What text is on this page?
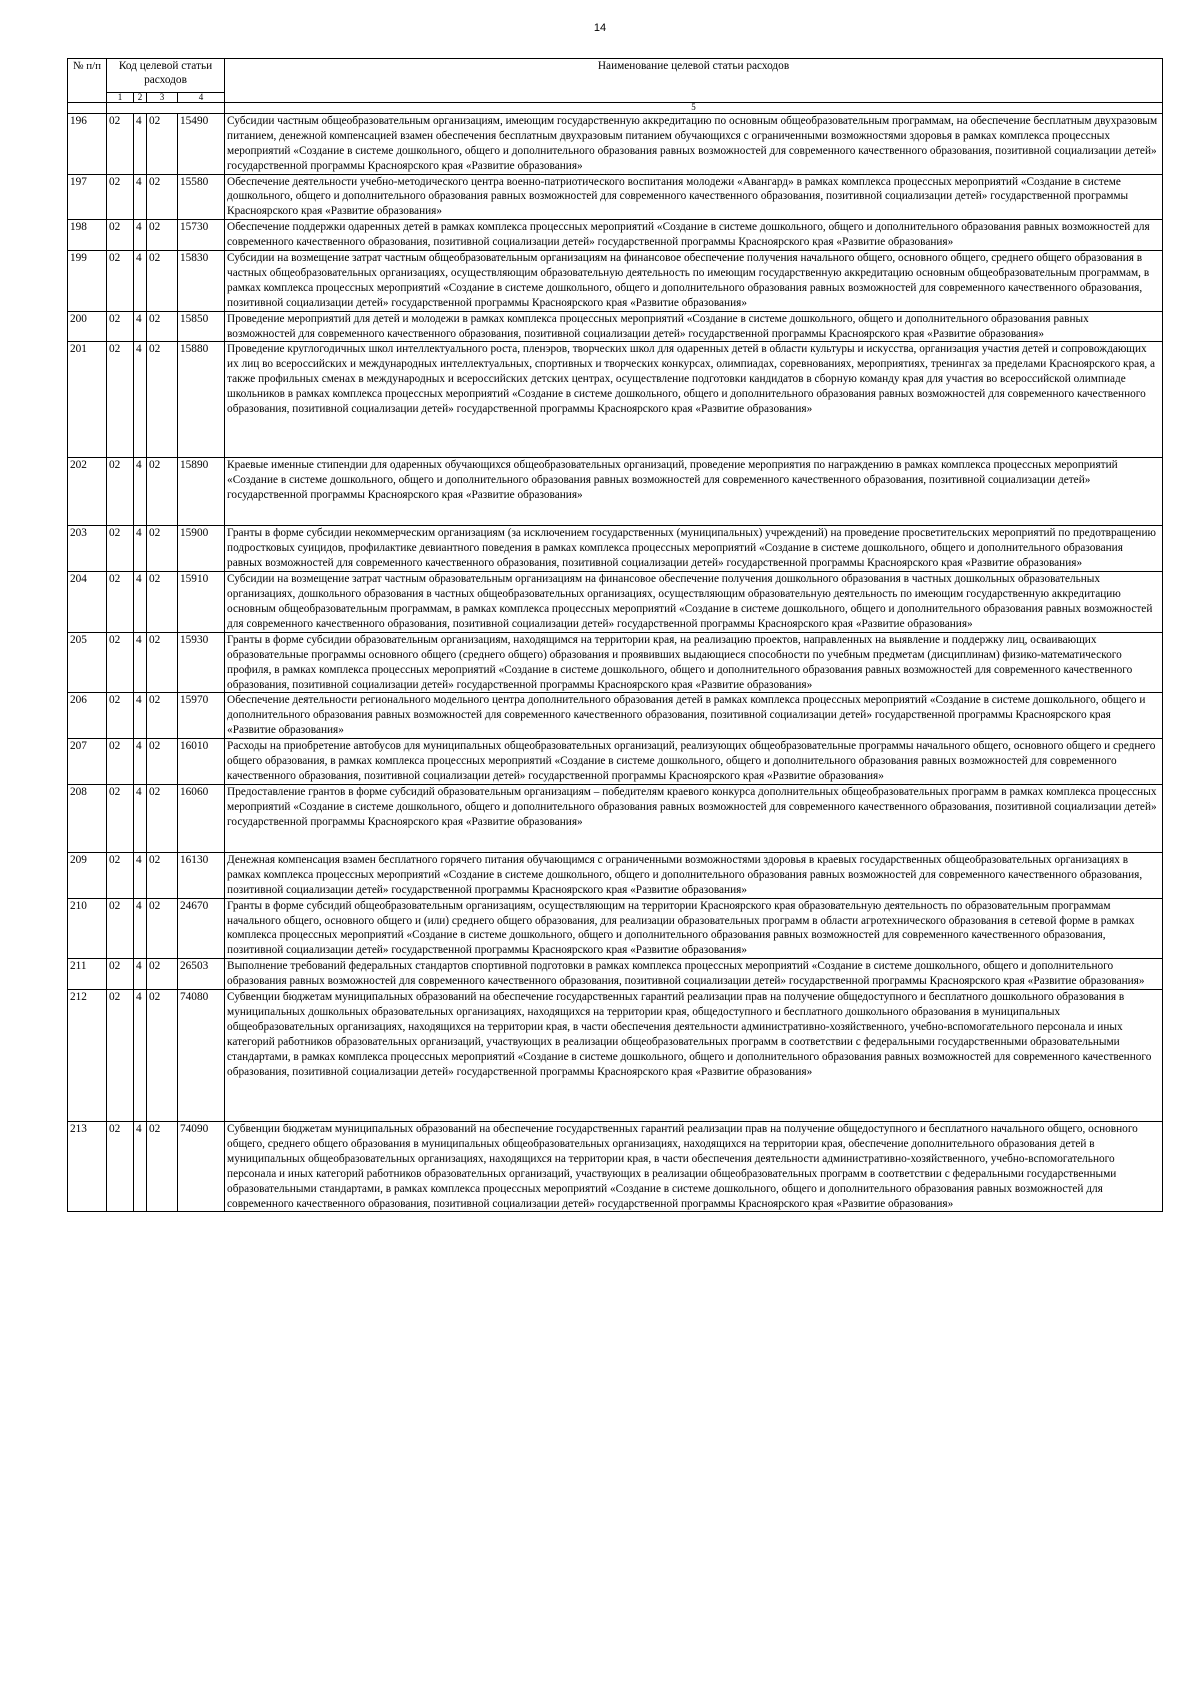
14
№ п/п	Код целевой статьи расходов				Наименование целевой статьи расходов
	1	2	3	4	
					5
196	02	4	02	15490	Субсидии частным общеобразовательным организациям, имеющим государственную аккредитацию по основным общеобразовательным программам, на обеспечение бесплатным двухразовым питанием, денежной компенсацией взамен обеспечения бесплатным двухразовым питанием обучающихся с ограниченными возможностями здоровья в рамках комплекса процессных мероприятий «Создание в системе дошкольного, общего и дополнительного образования равных возможностей для современного качественного образования, позитивной социализации детей» государственной программы Красноярского края «Развитие образования»
197	02	4	02	15580	Обеспечение деятельности учебно-методического центра военно-патриотического воспитания молодежи «Авангард» в рамках комплекса процессных мероприятий «Создание в системе дошкольного, общего и дополнительного образования равных возможностей для современного качественного образования, позитивной социализации детей» государственной программы Красноярского края «Развитие образования»
198	02	4	02	15730	Обеспечение поддержки одаренных детей в рамках комплекса процессных мероприятий «Создание в системе дошкольного, общего и дополнительного образования равных возможностей для современного качественного образования, позитивной социализации детей» государственной программы Красноярского края «Развитие образования»
199	02	4	02	15830	Субсидии на возмещение затрат частным общеобразовательным организациям на финансовое обеспечение получения начального общего, основного общего, среднего общего образования в частных общеобразовательных организациях, осуществляющим образовательную деятельность по имеющим государственную аккредитацию основным общеобразовательным программам, в рамках комплекса процессных мероприятий «Создание в системе дошкольного, общего и дополнительного образования равных возможностей для современного качественного образования, позитивной социализации детей» государственной программы Красноярского края «Развитие образования»
200	02	4	02	15850	Проведение мероприятий для детей и молодежи в рамках комплекса процессных мероприятий «Создание в системе дошкольного, общего и дополнительного образования равных возможностей для современного качественного образования, позитивной социализации детей» государственной программы Красноярского края «Развитие образования»
201	02	4	02	15880	Проведение круглогодичных школ интеллектуального роста, пленэров, творческих школ для одаренных детей в области культуры и искусства, организация участия детей и сопровождающих их лиц во всероссийских и международных интеллектуальных, спортивных и творческих конкурсах, олимпиадах, соревнованиях, мероприятиях, тренингах за пределами Красноярского края, а также профильных сменах в международных и всероссийских детских центрах, осуществление подготовки кандидатов в сборную команду края для участия во всероссийской олимпиаде школьников в рамках комплекса процессных мероприятий «Создание в системе дошкольного, общего и дополнительного образования равных возможностей для современного качественного образования, позитивной социализации детей» государственной программы Красноярского края «Развитие образования»
202	02	4	02	15890	Краевые именные стипендии для одаренных обучающихся общеобразовательных организаций, проведение мероприятия по награждению в рамках комплекса процессных мероприятий «Создание в системе дошкольного, общего и дополнительного образования равных возможностей для современного качественного образования, позитивной социализации детей» государственной программы Красноярского края «Развитие образования»
203	02	4	02	15900	Гранты в форме субсидии некоммерческим организациям (за исключением государственных (муниципальных) учреждений) на проведение просветительских мероприятий по предотвращению подростковых суицидов, профилактике девиантного поведения в рамках комплекса процессных мероприятий «Создание в системе дошкольного, общего и дополнительного образования равных возможностей для современного качественного образования, позитивной социализации детей» государственной программы Красноярского края «Развитие образования»
204	02	4	02	15910	Субсидии на возмещение затрат частным образовательным организациям на финансовое обеспечение получения дошкольного образования в частных дошкольных образовательных организациях, дошкольного образования в частных общеобразовательных организациях, осуществляющим образовательную деятельность по имеющим государственную аккредитацию основным общеобразовательным программам, в рамках комплекса процессных мероприятий «Создание в системе дошкольного, общего и дополнительного образования равных возможностей для современного качественного образования, позитивной социализации детей» государственной программы Красноярского края «Развитие образования»
205	02	4	02	15930	Гранты в форме субсидии образовательным организациям, находящимся на территории края, на реализацию проектов, направленных на выявление и поддержку лиц, осваивающих образовательные программы основного общего (среднего общего) образования и проявивших выдающиеся способности по учебным предметам (дисциплинам) физико-математического профиля, в рамках комплекса процессных мероприятий «Создание в системе дошкольного, общего и дополнительного образования равных возможностей для современного качественного образования, позитивной социализации детей» государственной программы Красноярского края «Развитие образования»
206	02	4	02	15970	Обеспечение деятельности регионального модельного центра дополнительного образования детей в рамках комплекса процессных мероприятий «Создание в системе дошкольного, общего и дополнительного образования равных возможностей для современного качественного образования, позитивной социализации детей» государственной программы Красноярского края «Развитие образования»
207	02	4	02	16010	Расходы на приобретение автобусов для муниципальных общеобразовательных организаций, реализующих общеобразовательные программы начального общего, основного общего и среднего общего образования, в рамках комплекса процессных мероприятий «Создание в системе дошкольного, общего и дополнительного образования равных возможностей для современного качественного образования, позитивной социализации детей» государственной программы Красноярского края «Развитие образования»
208	02	4	02	16060	Предоставление грантов в форме субсидий образовательным организациям – победителям краевого конкурса дополнительных общеобразовательных программ в рамках комплекса процессных мероприятий «Создание в системе дошкольного, общего и дополнительного образования равных возможностей для современного качественного образования, позитивной социализации детей» государственной программы Красноярского края «Развитие образования»
209	02	4	02	16130	Денежная компенсация взамен бесплатного горячего питания обучающимся с ограниченными возможностями здоровья в краевых государственных общеобразовательных организациях в рамках комплекса процессных мероприятий «Создание в системе дошкольного, общего и дополнительного образования равных возможностей для современного качественного образования, позитивной социализации детей» государственной программы Красноярского края «Развитие образования»
210	02	4	02	24670	Гранты в форме субсидий общеобразовательным организациям, осуществляющим на территории Красноярского края образовательную деятельность по образовательным программам начального общего, основного общего и (или) среднего общего образования, для реализации образовательных программ в области агротехнического образования в сетевой форме в рамках комплекса процессных мероприятий «Создание в системе дошкольного, общего и дополнительного образования равных возможностей для современного качественного образования, позитивной социализации детей» государственной программы Красноярского края «Развитие образования»
211	02	4	02	26503	Выполнение требований федеральных стандартов спортивной подготовки в рамках комплекса процессных мероприятий «Создание в системе дошкольного, общего и дополнительного образования равных возможностей для современного качественного образования, позитивной социализации детей» государственной программы Красноярского края «Развитие образования»
212	02	4	02	74080	Субвенции бюджетам муниципальных образований на обеспечение государственных гарантий реализации прав на получение общедоступного и бесплатного дошкольного образования в муниципальных дошкольных образовательных организациях, находящихся на территории края, общедоступного и бесплатного дошкольного образования в муниципальных общеобразовательных организациях, находящихся на территории края, в части обеспечения деятельности административно-хозяйственного, учебно-вспомогательного персонала и иных категорий работников образовательных организаций, участвующих в реализации общеобразовательных программ в соответствии с федеральными государственными образовательными стандартами, в рамках комплекса процессных мероприятий «Создание в системе дошкольного, общего и дополнительного образования равных возможностей для современного качественного образования, позитивной социализации детей» государственной программы Красноярского края «Развитие образования»
213	02	4	02	74090	Субвенции бюджетам муниципальных образований на обеспечение государственных гарантий реализации прав на получение общедоступного и бесплатного начального общего, основного общего, среднего общего образования в муниципальных общеобразовательных организациях, находящихся на территории края, обеспечение дополнительного образования детей в муниципальных общеобразовательных организациях, находящихся на территории края, в части обеспечения деятельности административно-хозяйственного, учебно-вспомогательного персонала и иных категорий работников образовательных организаций, участвующих в реализации общеобразовательных программ в соответствии с федеральными государственными образовательными стандартами, в рамках комплекса процессных мероприятий «Создание в системе дошкольного, общего и дополнительного образования равных возможностей для современного качественного образования, позитивной социализации детей» государственной программы Красноярского края «Развитие образования»
